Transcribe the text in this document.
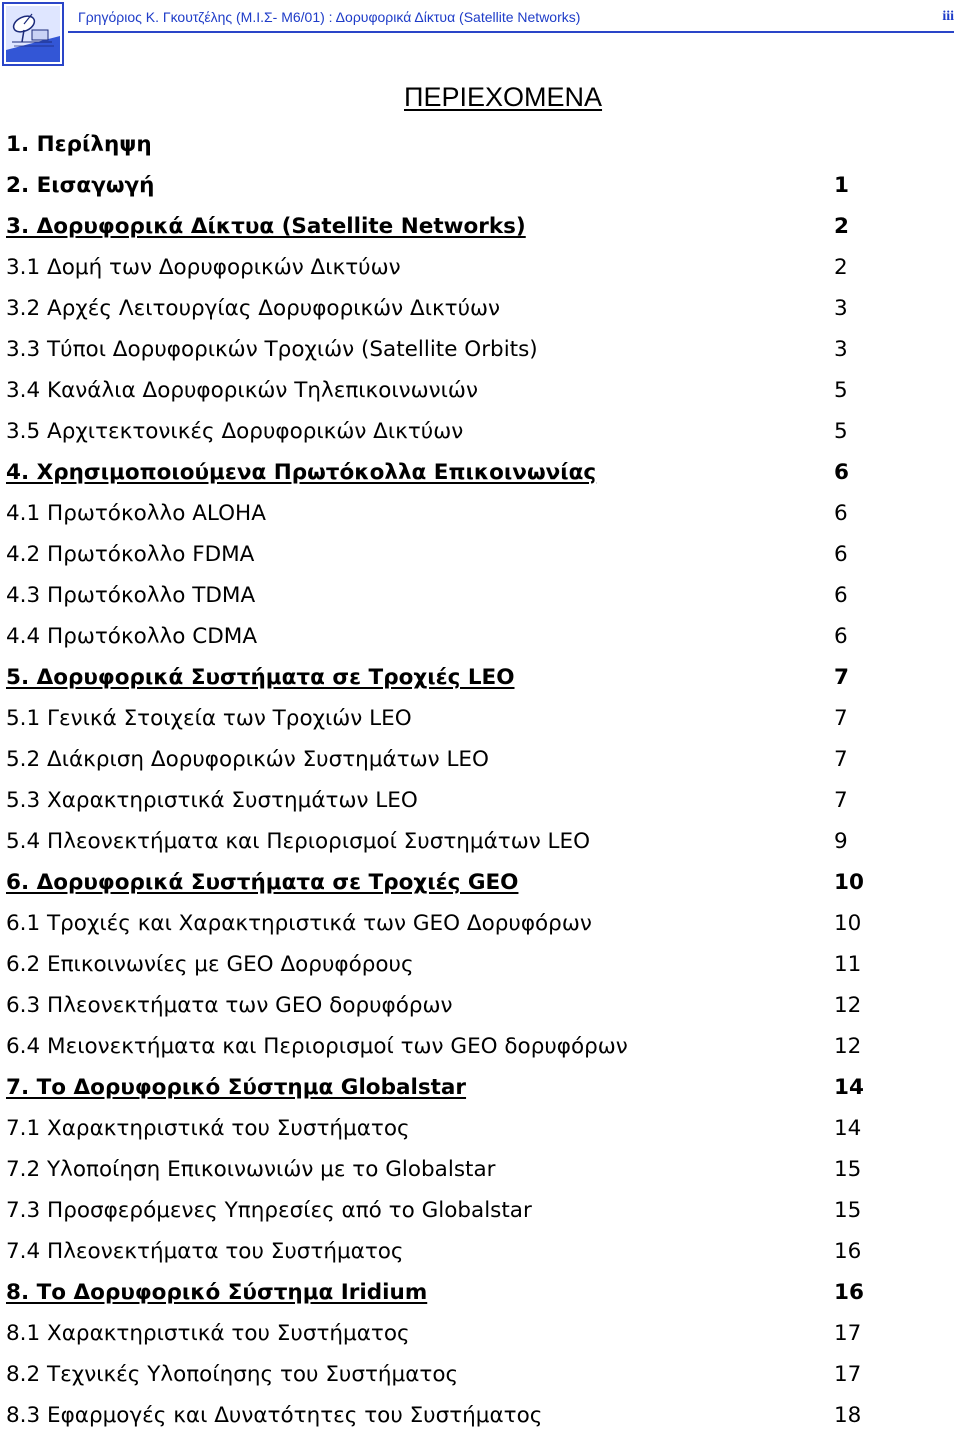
Γρηγόριος Κ. Γκουτζέλης (Μ.Ι.Σ- Μ6/01) : Δορυφορικά Δίκτυα (Satellite Networks)	iii
ΠΕΡΙΕΧΟΜΕΝΑ
1. Περίληψη
2. Εισαγωγή	1
3. Δορυφορικά Δίκτυα (Satellite Networks)	2
3.1 Δομή των Δορυφορικών Δικτύων	2
3.2 Αρχές Λειτουργίας Δορυφορικών Δικτύων	3
3.3 Τύποι Δορυφορικών Τροχιών (Satellite Orbits)	3
3.4 Κανάλια Δορυφορικών Τηλεπικοινωνιών	5
3.5 Αρχιτεκτονικές Δορυφορικών Δικτύων	5
4. Χρησιμοποιούμενα Πρωτόκολλα Επικοινωνίας	6
4.1 Πρωτόκολλο ALOHA	6
4.2 Πρωτόκολλο FDMA	6
4.3 Πρωτόκολλο TDMA	6
4.4 Πρωτόκολλο CDMA	6
5. Δορυφορικά Συστήματα σε Τροχιές LEO	7
5.1 Γενικά Στοιχεία των Τροχιών LEO	7
5.2 Διάκριση Δορυφορικών Συστημάτων LEO	7
5.3 Χαρακτηριστικά Συστημάτων LEO	7
5.4 Πλεονεκτήματα και Περιορισμοί Συστημάτων LEO	9
6. Δορυφορικά Συστήματα σε Τροχιές GEO	10
6.1 Τροχιές και Χαρακτηριστικά των GEO Δορυφόρων	10
6.2 Επικοινωνίες με GEO Δορυφόρους	11
6.3 Πλεονεκτήματα των GEO δορυφόρων	12
6.4 Μειονεκτήματα και Περιορισμοί των GEO δορυφόρων	12
7. Το Δορυφορικό Σύστημα Globalstar	14
7.1 Χαρακτηριστικά του Συστήματος	14
7.2 Υλοποίηση Επικοινωνιών με το Globalstar	15
7.3 Προσφερόμενες Υπηρεσίες από το Globalstar	15
7.4 Πλεονεκτήματα του Συστήματος	16
8. Το Δορυφορικό Σύστημα Iridium	16
8.1 Χαρακτηριστικά του Συστήματος	17
8.2 Τεχνικές Υλοποίησης του Συστήματος	17
8.3 Εφαρμογές και Δυνατότητες του Συστήματος	18
